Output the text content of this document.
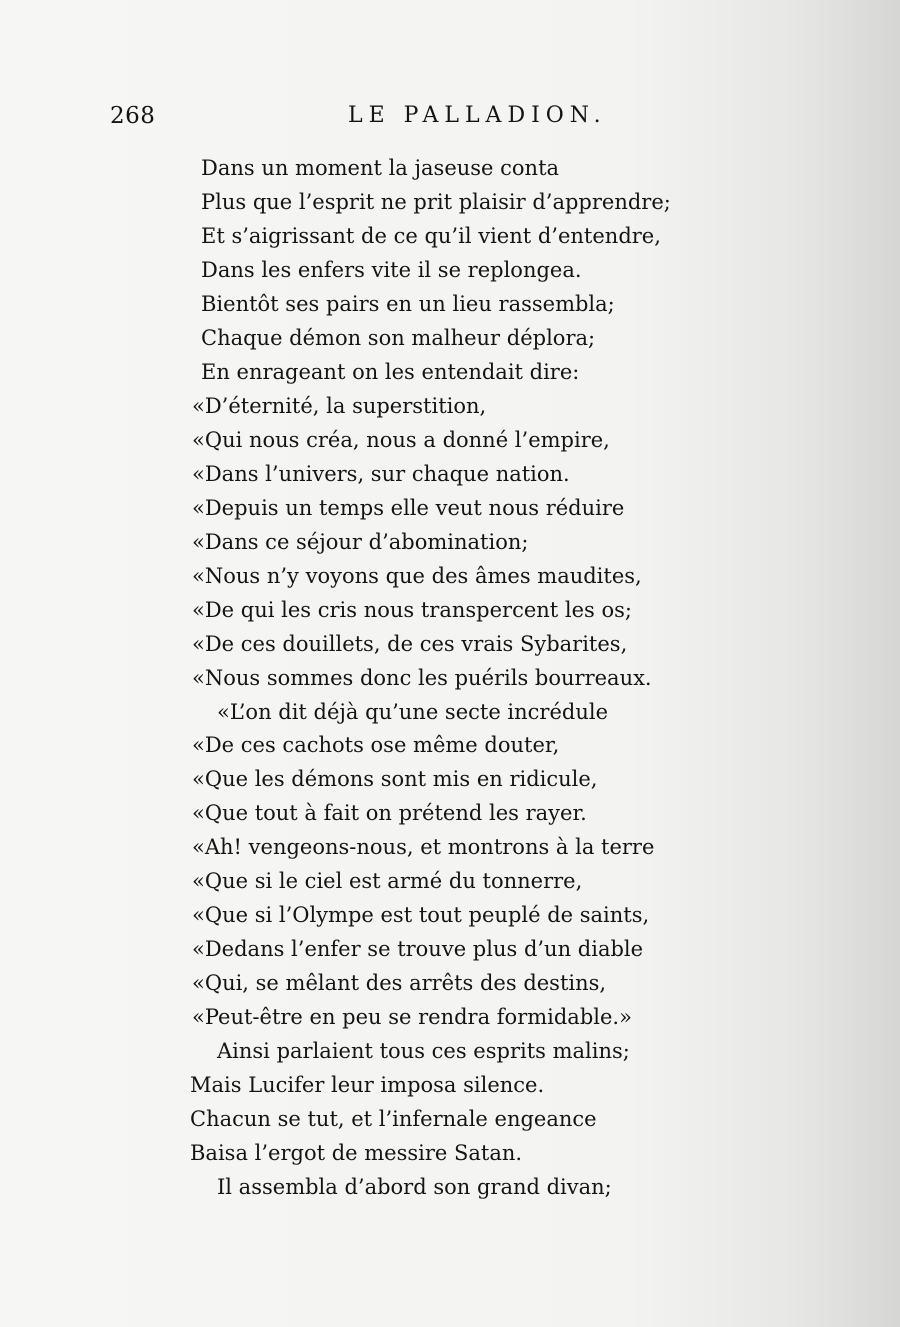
268	LE PALLADION.
Dans un moment la jaseuse conta
Plus que l’esprit ne prit plaisir d’apprendre;
Et s’aigrissant de ce qu’il vient d’entendre,
Dans les enfers vite il se replongea.
Bientôt ses pairs en un lieu rassembla;
Chaque démon son malheur déplora;
En enrageant on les entendait dire:
«D’éternité, la superstition,
«Qui nous créa, nous a donné l’empire,
«Dans l’univers, sur chaque nation.
«Depuis un temps elle veut nous réduire
«Dans ce séjour d’abomination;
«Nous n’y voyons que des âmes maudites,
«De qui les cris nous transpercent les os;
«De ces douillets, de ces vrais Sybarites,
«Nous sommes donc les puérils bourreaux.
«L’on dit déjà qu’une secte incrédule
«De ces cachots ose même douter,
«Que les démons sont mis en ridicule,
«Que tout à fait on prétend les rayer.
«Ah! vengeons-nous, et montrons à la terre
«Que si le ciel est armé du tonnerre,
«Que si l’Olympe est tout peuplé de saints,
«Dedans l’enfer se trouve plus d’un diable
«Qui, se mêlant des arrêts des destins,
«Peut-être en peu se rendra formidable.»
Ainsi parlaient tous ces esprits malins;
Mais Lucifer leur imposa silence.
Chacun se tut, et l’infernale engeance
Baisa l’ergot de messire Satan.
Il assembla d’abord son grand divan;
